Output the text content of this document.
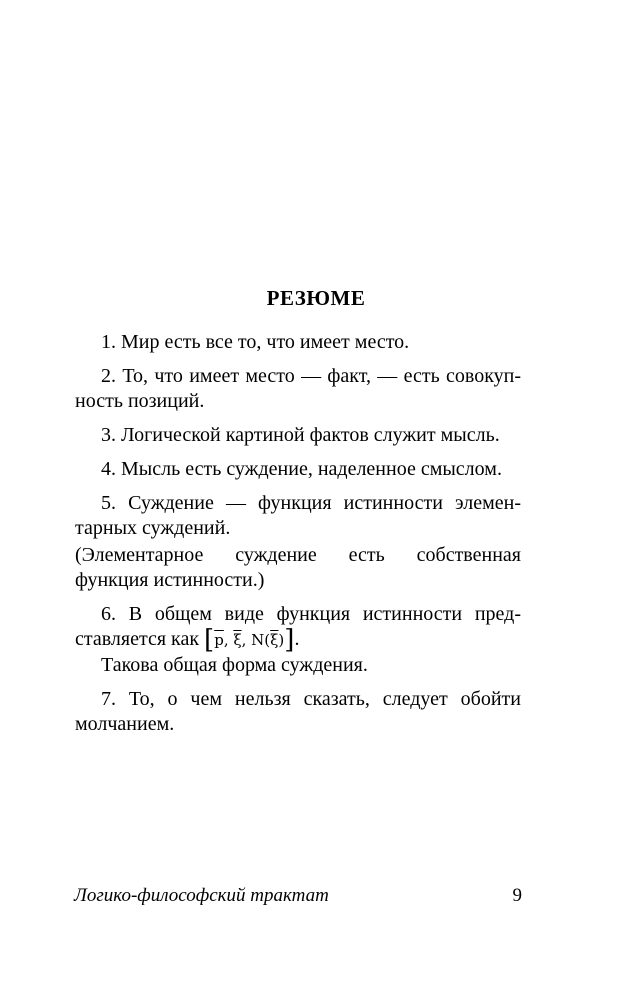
РЕЗЮМЕ

1. Мир есть все то, что имеет место.

2. То, что имеет место — факт, — есть совокуп-
ность позиций.

3. Логической картиной фактов служит мысль.

4. Мысль есть суждение, наделенное смыслом.

5. Суждение — функция истинности элемен-
тарных суждений.

(Элементарное суждение есть собственная
функция истинности.)

6. В общем виде функция истинности пред-
ставляется как [$\overline{p}$, $\overline{\xi}$, $N(\overline{\xi})$].

Такова общая форма суждения.

7. То, о чем нельзя сказать, следует обойти
молчанием.

Логико-философский трактат	9
